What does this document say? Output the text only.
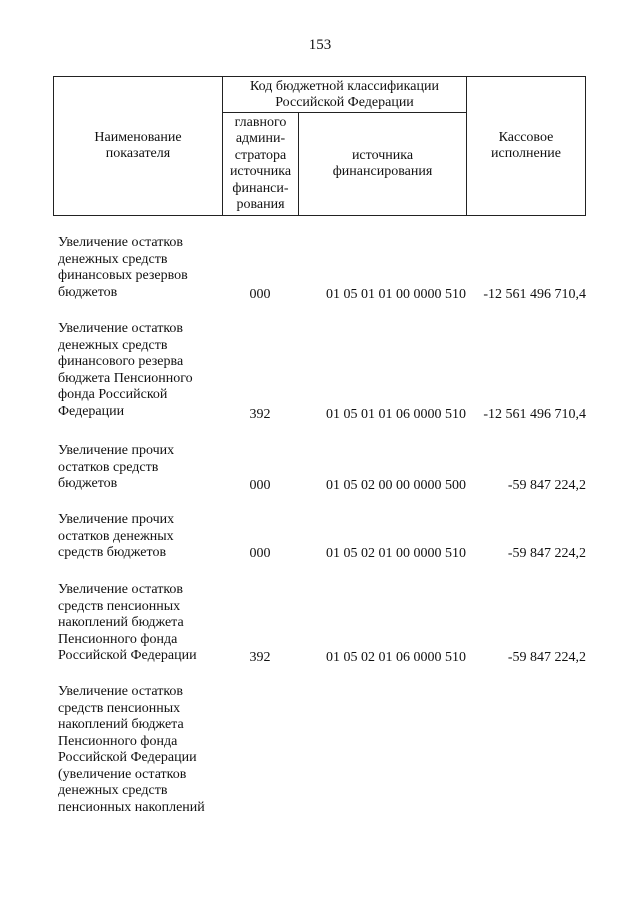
153
Наименование
показателя
Код бюджетной классификации
Российской Федерации
главного
админи-
стратора
источника
финанси-
рования
источника
финансирования
Кассовое
исполнение
Увеличение остатков
денежных средств
финансовых резервов
бюджетов	000	01 05 01 01 00 0000 510	-12 561 496 710,4
Увеличение остатков
денежных средств
финансового резерва
бюджета Пенсионного
фонда Российской
Федерации	392	01 05 01 01 06 0000 510	-12 561 496 710,4
Увеличение прочих
остатков средств
бюджетов	000	01 05 02 00 00 0000 500	-59 847 224,2
Увеличение прочих
остатков денежных
средств бюджетов	000	01 05 02 01 00 0000 510	-59 847 224,2
Увеличение остатков
средств пенсионных
накоплений бюджета
Пенсионного фонда
Российской Федерации	392	01 05 02 01 06 0000 510	-59 847 224,2
Увеличение остатков
средств пенсионных
накоплений бюджета
Пенсионного фонда
Российской Федерации
(увеличение остатков
денежных средств
пенсионных накоплений
